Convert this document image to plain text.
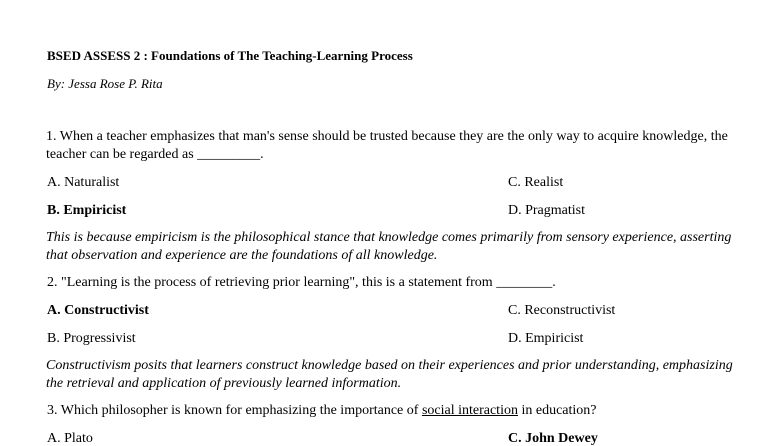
BSED ASSESS 2 : Foundations of The Teaching-Learning Process
By: Jessa Rose P. Rita
1. When a teacher emphasizes that man's sense should be trusted because they are the only way to acquire knowledge, the teacher can be regarded as _________.
A. Naturalist	C. Realist
B. Empiricist	D. Pragmatist
This is because empiricism is the philosophical stance that knowledge comes primarily from sensory experience, asserting that observation and experience are the foundations of all knowledge.
2. "Learning is the process of retrieving prior learning", this is a statement from ________.
A. Constructivist	C. Reconstructivist
B. Progressivist	D. Empiricist
Constructivism posits that learners construct knowledge based on their experiences and prior understanding, emphasizing the retrieval and application of previously learned information.
3. Which philosopher is known for emphasizing the importance of social interaction in education?
A. Plato	C. John Dewey
